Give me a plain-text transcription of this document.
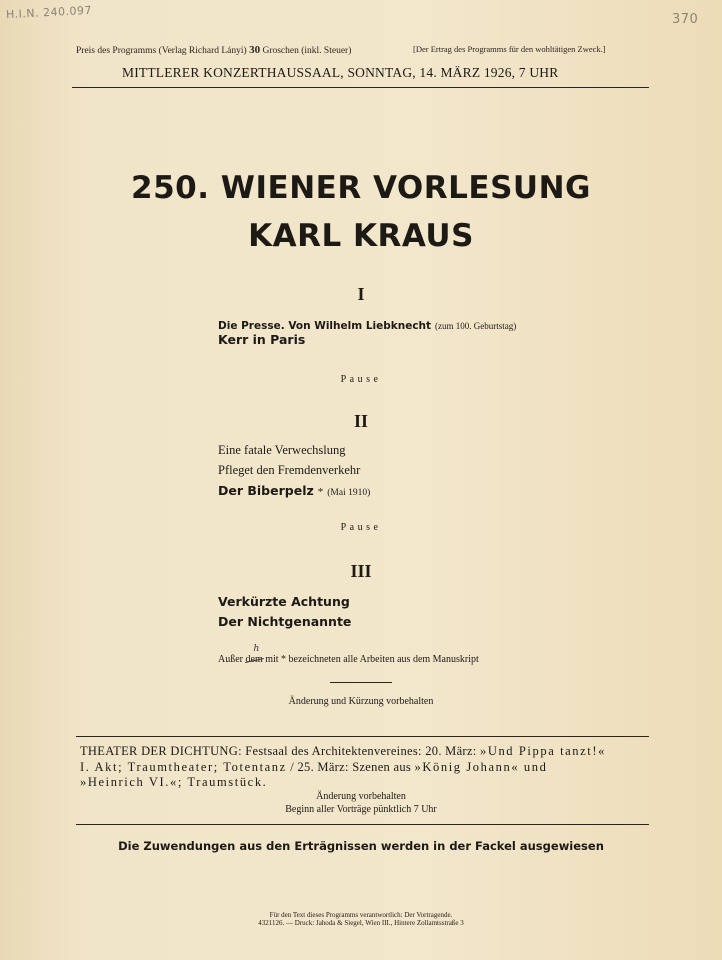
H.I.N. 240.097	370
Preis des Programms (Verlag Richard Lányi) 30 Groschen (inkl. Steuer)	[Der Ertrag des Programms für den wohltätigen Zweck.]
MITTLERER KONZERTHAUSSAAL, SONNTAG, 14. MÄRZ 1926, 7 UHR
250. WIENER VORLESUNG
KARL KRAUS
I
Die Presse. Von Wilhelm Liebknecht (zum 100. Geburtstag)
Kerr in Paris
Pause
II
Eine fatale Verwechslung
Pfleget den Fremdenverkehr
Der Biberpelz * (Mai 1910)
Pause
III
Verkürzte Achtung
Der Nichtgenannte
Außer dem
h
mit * bezeichneten alle Arbeiten aus dem Manuskript
Änderung und Kürzung vorbehalten
THEATER DER DICHTUNG: Festsaal des Architektenvereines: 20. März: »Und Pippa tanzt!«
I. Akt; Traumtheater; Totentanz / 25. März: Szenen aus »König Johann« und
»Heinrich VI.«; Traumstück.
Änderung vorbehalten
Beginn aller Vorträge pünktlich 7 Uhr
Die Zuwendungen aus den Erträgnissen werden in der Fackel ausgewiesen
Für den Text dieses Programms verantwortlich: Der Vortragende.
4321126. — Druck: Jahoda & Siegel, Wien III., Hintere Zollamtsstraße 3
